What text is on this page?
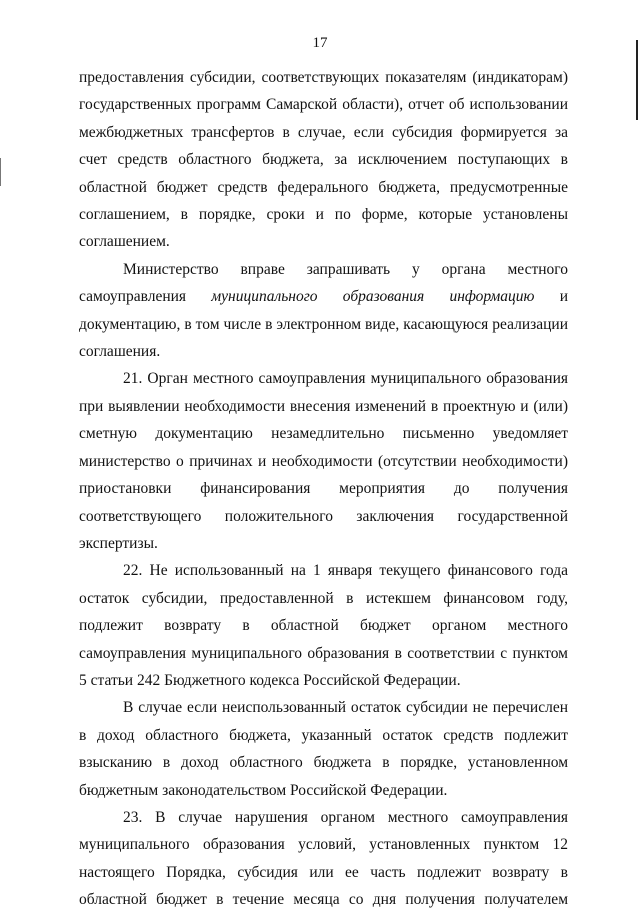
17

предоставления субсидии, соответствующих показателям (индикаторам) государственных программ Самарской области), отчет об использовании межбюджетных трансфертов в случае, если субсидия формируется за счет средств областного бюджета, за исключением поступающих в областной бюджет средств федерального бюджета, предусмотренные соглашением, в порядке, сроки и по форме, которые установлены соглашением.

Министерство вправе запрашивать у органа местного самоуправления муниципального образования информацию и документацию, в том числе в электронном виде, касающуюся реализации соглашения.

21. Орган местного самоуправления муниципального образования при выявлении необходимости внесения изменений в проектную и (или) сметную документацию незамедлительно письменно уведомляет министерство о причинах и необходимости (отсутствии необходимости) приостановки финансирования мероприятия до получения соответствующего положительного заключения государственной экспертизы.

22. Не использованный на 1 января текущего финансового года остаток субсидии, предоставленной в истекшем финансовом году, подлежит возврату в областной бюджет органом местного самоуправления муниципального образования в соответствии с пунктом 5 статьи 242 Бюджетного кодекса Российской Федерации.

В случае если неиспользованный остаток субсидии не перечислен в доход областного бюджета, указанный остаток средств подлежит взысканию в доход областного бюджета в порядке, установленном бюджетным законодательством Российской Федерации.

23. В случае нарушения органом местного самоуправления муниципального образования условий, установленных пунктом 12 настоящего Порядка, субсидия или ее часть подлежит возврату в областной бюджет в течение месяца со дня получения получателем
